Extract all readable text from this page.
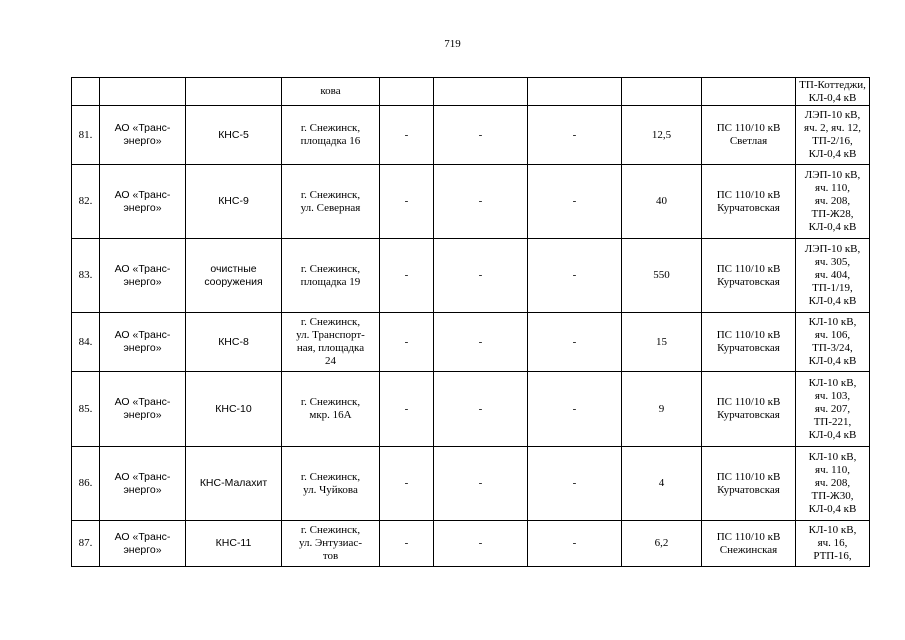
719
			кова						ТП-Коттеджи,
КЛ-0,4 кВ
81.	АО «Транс-
энерго»	КНС-5	г. Снежинск,
площадка 16	-	-	-	12,5	ПС 110/10 кВ
Светлая	ЛЭП-10 кВ,
яч. 2, яч. 12,
ТП-2/16,
КЛ-0,4 кВ
82.	АО «Транс-
энерго»	КНС-9	г. Снежинск,
ул. Северная	-	-	-	40	ПС 110/10 кВ
Курчатовская	ЛЭП-10 кВ,
яч. 110,
яч. 208,
ТП-Ж28,
КЛ-0,4 кВ
83.	АО «Транс-
энерго»	очистные
сооружения	г. Снежинск,
площадка 19	-	-	-	550	ПС 110/10 кВ
Курчатовская	ЛЭП-10 кВ,
яч. 305,
яч. 404,
ТП-1/19,
КЛ-0,4 кВ
84.	АО «Транс-
энерго»	КНС-8	г. Снежинск,
ул. Транспорт-
ная, площадка
24	-	-	-	15	ПС 110/10 кВ
Курчатовская	КЛ-10 кВ,
яч. 106,
ТП-3/24,
КЛ-0,4 кВ
85.	АО «Транс-
энерго»	КНС-10	г. Снежинск,
мкр. 16А	-	-	-	9	ПС 110/10 кВ
Курчатовская	КЛ-10 кВ,
яч. 103,
яч. 207,
ТП-221,
КЛ-0,4 кВ
86.	АО «Транс-
энерго»	КНС-Малахит	г. Снежинск,
ул. Чуйкова	-	-	-	4	ПС 110/10 кВ
Курчатовская	КЛ-10 кВ,
яч. 110,
яч. 208,
ТП-Ж30,
КЛ-0,4 кВ
87.	АО «Транс-
энерго»	КНС-11	г. Снежинск,
ул. Энтузиас-
тов	-	-	-	6,2	ПС 110/10 кВ
Снежинская	КЛ-10 кВ,
яч. 16,
РТП-16,
